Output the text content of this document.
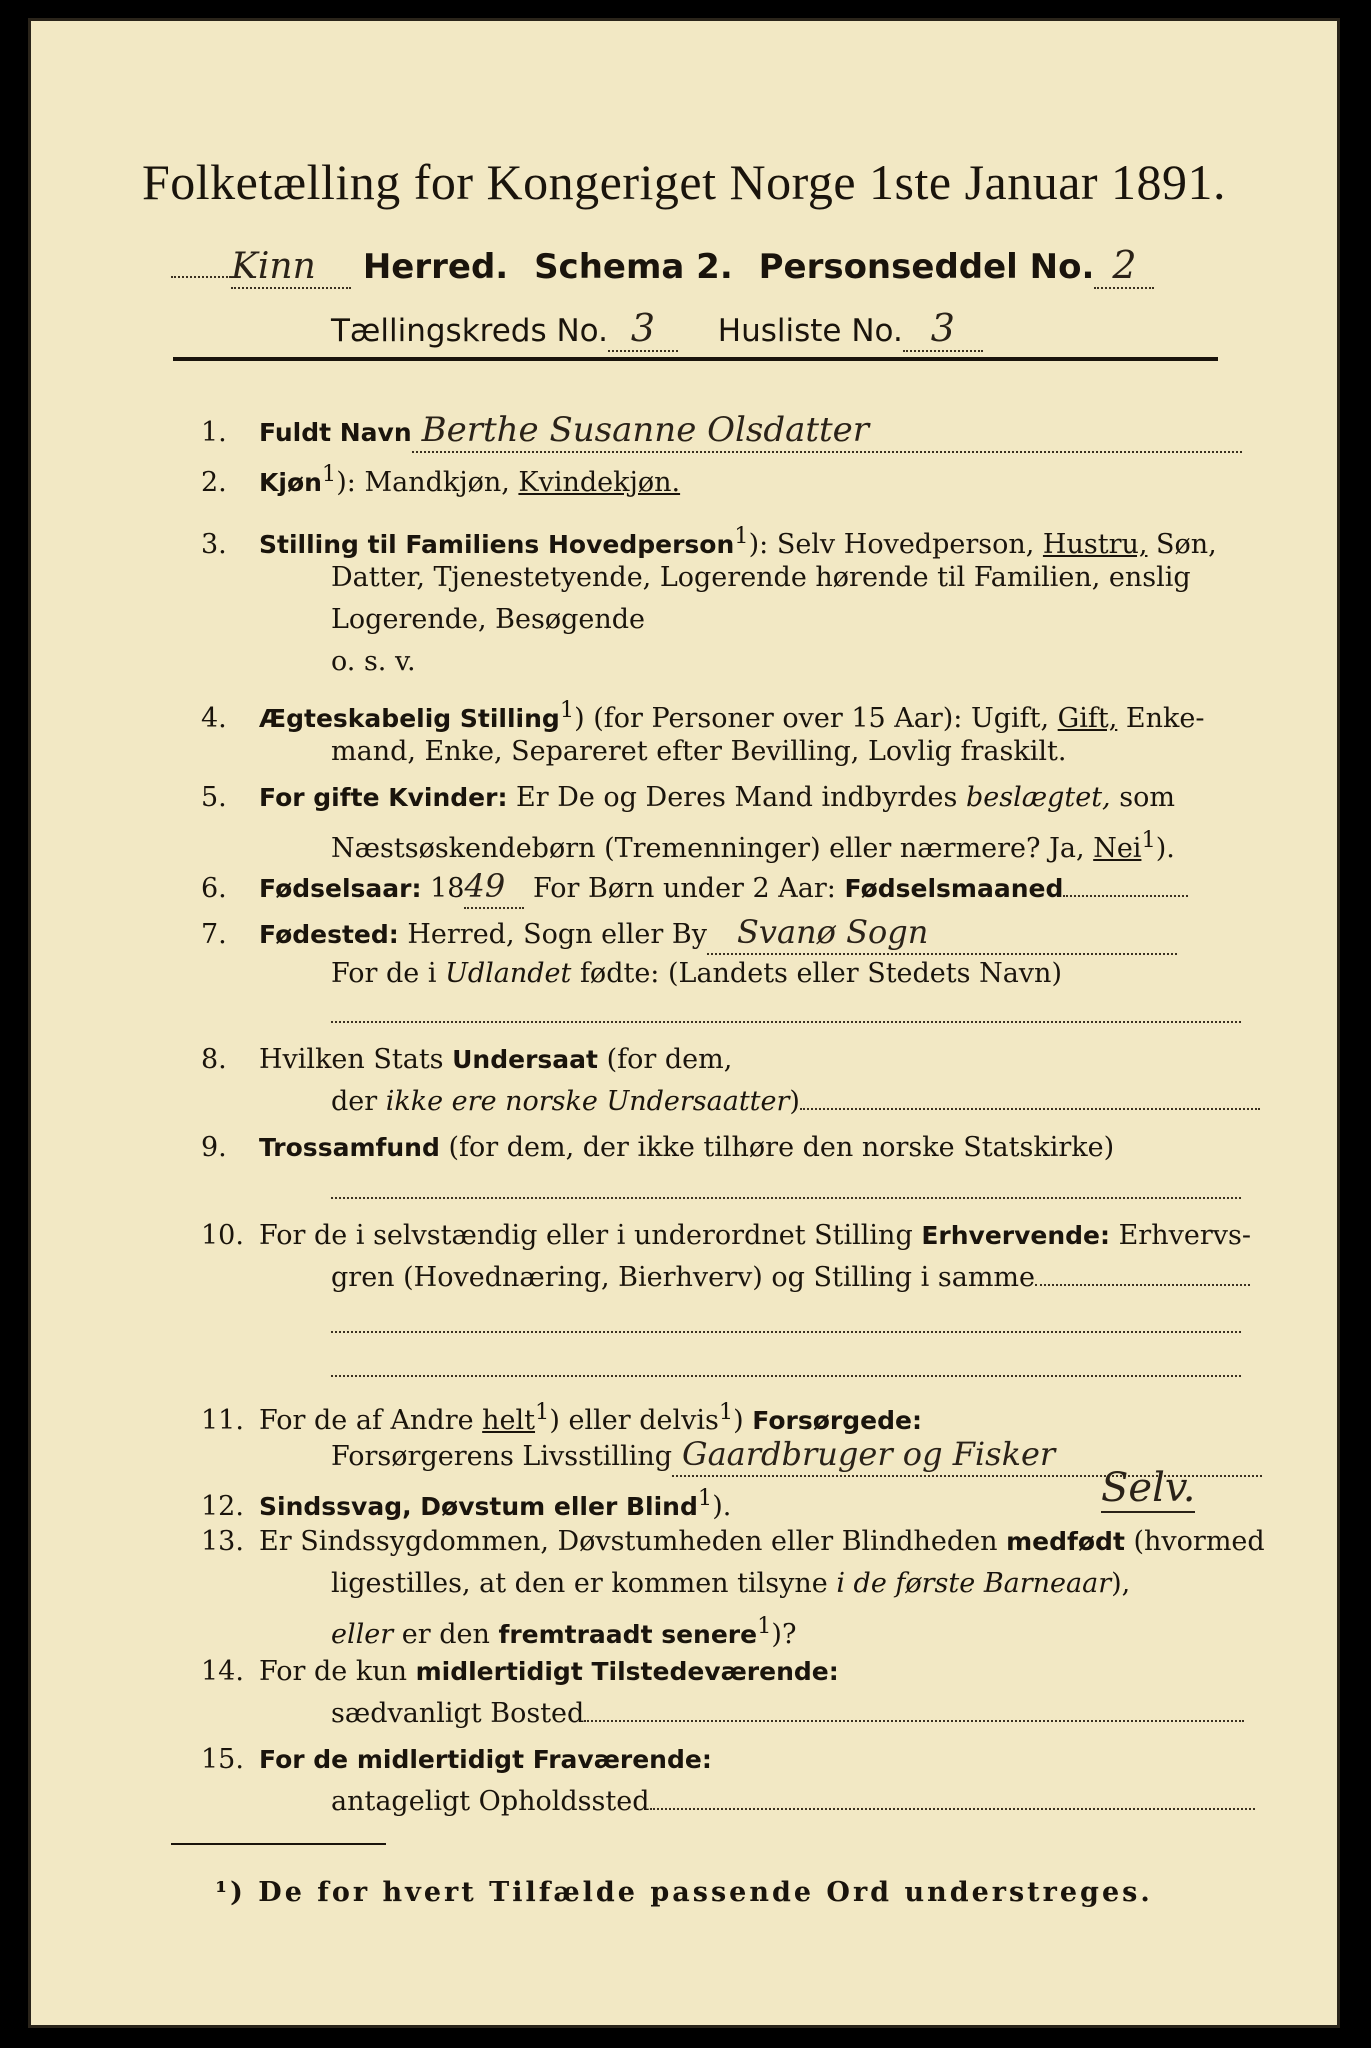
Folketælling for Kongeriget Norge 1ste Januar 1891.
Kinn Herred. Schema 2. Personseddel No. 2
Tællingskreds No. 3 Husliste No. 3
1. Fuldt Navn Berthe Susanne Olsdatter
2. Kjøn$^1$): Mandkjøn, Kvindekjøn.
3. Stilling til Familiens Hovedperson$^1$): Selv Hovedperson, Hustru, Søn,
Datter, Tjenestetyende, Logerende hørende til Familien, enslig
Logerende, Besøgende
o. s. v.
4. Ægteskabelig Stilling$^1$) (for Personer over 15 Aar): Ugift, Gift, Enke-
mand, Enke, Separeret efter Bevilling, Lovlig fraskilt.
5. For gifte Kvinder: Er De og Deres Mand indbyrdes beslægtet, som
Næstsøskendebørn (Tremenninger) eller nærmere? Ja, Nei$^1$).
6. Fødselsaar: 1849 For Børn under 2 Aar: Fødselsmaaned
7. Fødested: Herred, Sogn eller By Svanø Sogn
For de i Udlandet fødte: (Landets eller Stedets Navn)
8. Hvilken Stats Undersaat (for dem,
der ikke ere norske Undersaatter)
9. Trossamfund (for dem, der ikke tilhøre den norske Statskirke)
10. For de i selvstændig eller i underordnet Stilling Erhvervende: Erhvervs-
gren (Hovednæring, Bierhverv) og Stilling i samme
11. For de af Andre helt$^1$) eller delvis$^1$) Forsørgede:
Forsørgerens Livsstilling Gaardbruger og Fisker
12. Sindssvag, Døvstum eller Blind$^1$).	Selv.
13. Er Sindssygdommen, Døvstumheden eller Blindheden medfødt (hvormed
ligestilles, at den er kommen tilsyne i de første Barneaar),
eller er den fremtraadt senere$^1$)?
14. For de kun midlertidigt Tilstedeværende:
sædvanligt Bosted
15. For de midlertidigt Fraværende:
antageligt Opholdssted
¹) De for hvert Tilfælde passende Ord understreges.
